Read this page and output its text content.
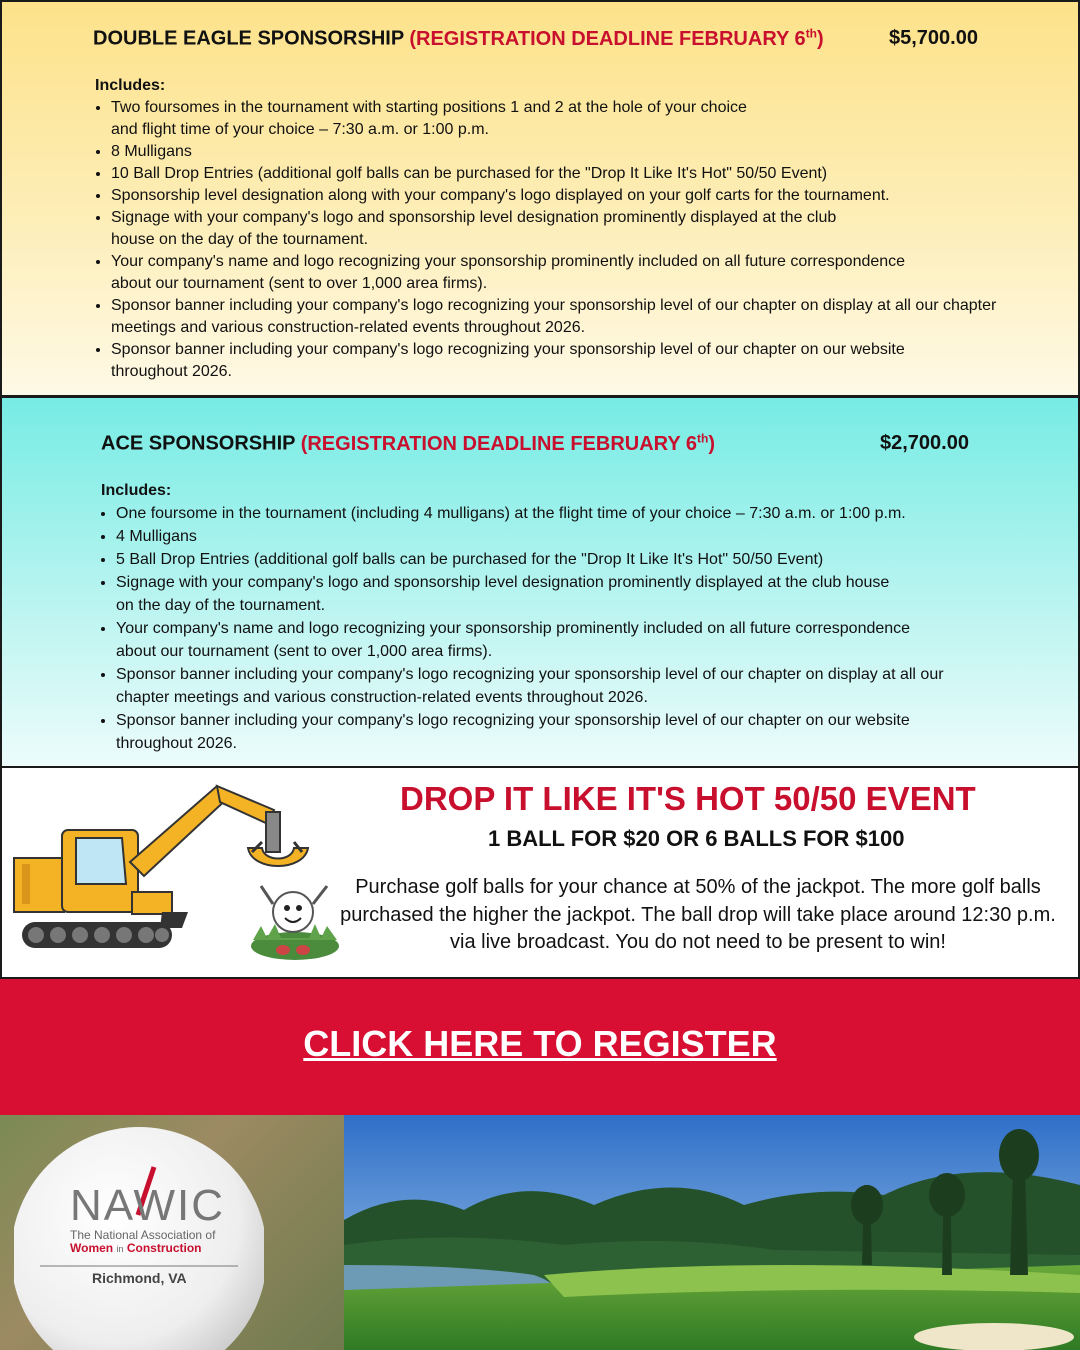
DOUBLE EAGLE SPONSORSHIP (REGISTRATION DEADLINE FEBRUARY 6th)	$5,700.00
Includes:
• Two foursomes in the tournament with starting positions 1 and 2 at the hole of your choice
and flight time of your choice – 7:30 a.m. or 1:00 p.m.
• 8 Mulligans
• 10 Ball Drop Entries (additional golf balls can be purchased for the "Drop It Like It's Hot" 50/50 Event)
• Sponsorship level designation along with your company's logo displayed on your golf carts for the tournament.
• Signage with your company's logo and sponsorship level designation prominently displayed at the club
house on the day of the tournament.
• Your company's name and logo recognizing your sponsorship prominently included on all future correspondence
about our tournament (sent to over 1,000 area firms).
• Sponsor banner including your company's logo recognizing your sponsorship level of our chapter on display at all our chapter
meetings and various construction-related events throughout 2026.
• Sponsor banner including your company's logo recognizing your sponsorship level of our chapter on our website
throughout 2026.
ACE SPONSORSHIP (REGISTRATION DEADLINE FEBRUARY 6th)	$2,700.00
Includes:
• One foursome in the tournament (including 4 mulligans) at the flight time of your choice – 7:30 a.m. or 1:00 p.m.
• 4 Mulligans
• 5 Ball Drop Entries (additional golf balls can be purchased for the "Drop It Like It's Hot" 50/50 Event)
• Signage with your company's logo and sponsorship level designation prominently displayed at the club house
on the day of the tournament.
• Your company's name and logo recognizing your sponsorship prominently included on all future correspondence
about our tournament (sent to over 1,000 area firms).
• Sponsor banner including your company's logo recognizing your sponsorship level of our chapter on display at all our
chapter meetings and various construction-related events throughout 2026.
• Sponsor banner including your company's logo recognizing your sponsorship level of our chapter on our website
throughout 2026.
DROP IT LIKE IT'S HOT 50/50 EVENT
1 BALL FOR $20 OR 6 BALLS FOR $100
Purchase golf balls for your chance at 50% of the jackpot. The more golf balls purchased the higher the jackpot. The ball drop will take place around 12:30 p.m. via live broadcast. You do not need to be present to win!
CLICK HERE TO REGISTER
NAWIC
The National Association of
Women in Construction
Richmond, VA
